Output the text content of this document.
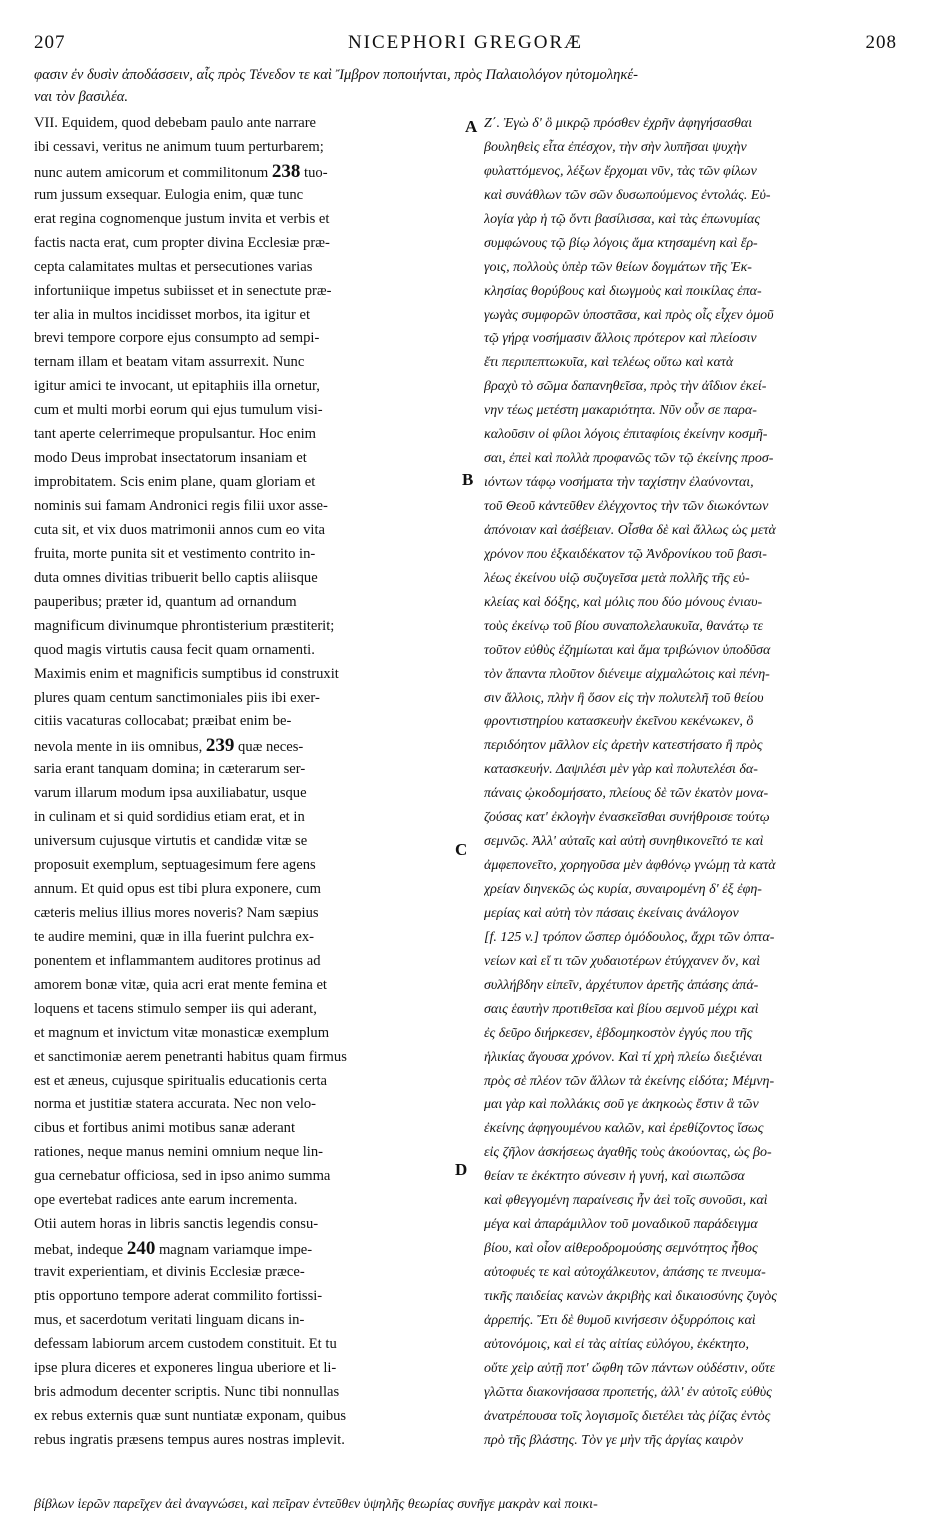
NICEPHORI GREGORÆ
207	208
φασιν ἐν δυσὶν ἀποδάσσειν, αἷς πρὸς Τένεδον τε καὶ Ἴμβρον ποποιήνται, πρὸς Παλαιολόγον ηὐτομοληκέ-
ναι τὸν βασιλέα.
VII. Equidem, quod debebam paulo ante narrare
ibi cessavi, veritus ne animum tuum perturbarem;
nunc autem amicorum et commilitonum 238 tuo-
rum jussum exsequar. Eulogia enim, quæ tunc
erat regina cognomenque justum invita et verbis et
factis nacta erat, cum propter divina Ecclesiæ præ-
cepta calamitates multas et persecutiones varias
infortuniique impetus subiisset et in senectute præ-
ter alia in multos incidisset morbos, ita igitur et
brevi tempore corpore ejus consumpto ad sempi-
ternam illam et beatam vitam assurrexit. Nunc
igitur amici te invocant, ut epitaphiis illa ornetur,
cum et multi morbi eorum qui ejus tumulum visi-
tant aperte celerrimeque propulsantur. Hoc enim
modo Deus improbat insectatorum insaniam et
improbitatem. Scis enim plane, quam gloriam et
nominis sui famam Andronici regis filii uxor asse-
cuta sit, et vix duos matrimonii annos cum eo vita
fruita, morte punita sit et vestimento contrito in-
duta omnes divitias tribuerit bello captis aliisque
pauperibus; præter id, quantum ad ornandum
magnificum divinumque phrontisterium præstiterit;
quod magis virtutis causa fecit quam ornamenti.
Maximis enim et magnificis sumptibus id construxit
plures quam centum sanctimoniales piis ibi exer-
citiis vacaturas collocabat; præibat enim be-
nevola mente in iis omnibus, 239 quæ neces-
saria erant tanquam domina; in cæterarum ser-
varum illarum modum ipsa auxiliabatur, usque
in culinam et si quid sordidius etiam erat, et in
universum cujusque virtutis et candidæ vitæ se
proposuit exemplum, septuagesimum fere agens
annum. Et quid opus est tibi plura exponere, cum
cæteris melius illius mores noveris? Nam sæpius
te audire memini, quæ in illa fuerint pulchra ex-
ponentem et inflammantem auditores protinus ad
amorem bonæ vitæ, quia acri erat mente femina et
loquens et tacens stimulo semper iis qui aderant,
et magnum et invictum vitæ monasticæ exemplum
et sanctimoniæ aerem penetranti habitus quam firmus
est et æneus, cujusque spiritualis educationis certa
norma et justitiæ statera accurata. Nec non velo-
cibus et fortibus animi motibus sanæ aderant
rationes, neque manus nemini omnium neque lin-
gua cernebatur officiosa, sed in ipso animo summa
ope evertebat radices ante earum incrementa.
Otii autem horas in libris sanctis legendis consu-
mebat, indeque 240 magnam variamque impe-
travit experientiam, et divinis Ecclesiæ præce-
ptis opportuno tempore aderat commilito fortissi-
mus, et sacerdotum veritati linguam dicans in-
defessam labiorum arcem custodem constituit. Et tu
ipse plura diceres et exponeres lingua uberiore et li-
bris admodum decenter scriptis. Nunc tibi nonnullas
ex rebus externis quæ sunt nuntiatæ exponam, quibus
rebus ingratis præsens tempus aures nostras implevit.
Ζ΄. Ἐγὼ δ' ὃ μικρῷ πρόσθεν ἐχρῆν ἀφηγήσασθαι
βουληθεὶς εἶτα ἐπέσχον, τὴν σὴν λυπῆσαι ψυχὴν
φυλαττόμενος, λέξων ἔρχομαι νῦν, τὰς τῶν φίλων
καὶ συνάθλων τῶν σῶν δυσωπούμενος ἐντολάς. Εὐ-
λογία γὰρ ἡ τῷ ὄντι βασίλισσα, καὶ τὰς ἐπωνυμίας
συμφώνους τῷ βίῳ λόγοις ἅμα κτησαμένη καὶ ἔρ-
γοις, πολλοὺς ὑπὲρ τῶν θείων δογμάτων τῆς Ἐκ-
κλησίας θορύβους καὶ διωγμοὺς καὶ ποικίλας ἐπα-
γωγὰς συμφορῶν ὑποστᾶσα, καὶ πρὸς οἷς εἶχεν ὁμοῦ
τῷ γήρᾳ νοσήμασιν ἄλλοις πρότερον καὶ πλείοσιν
ἔτι περιπεπτωκυῖα, καὶ τελέως οὕτω καὶ κατὰ
βραχὺ τὸ σῶμα δαπανηθεῖσα, πρὸς τὴν ἀΐδιον ἐκεί-
νην τέως μετέστη μακαριότητα. Νῦν οὖν σε παρα-
καλοῦσιν οἱ φίλοι λόγοις ἐπιταφίοις ἐκείνην κοσμῆ-
σαι, ἐπεὶ καὶ πολλὰ προφανῶς τῶν τῷ ἐκείνης προσ-
ιόντων τάφῳ νοσήματα τὴν ταχίστην ἐλαύνονται,
τοῦ Θεοῦ κἀντεῦθεν ἐλέγχοντος τὴν τῶν διωκόντων
ἀπόνοιαν καὶ ἀσέβειαν. Οἶσθα δὲ καὶ ἄλλως ὡς μετὰ
χρόνον που ἑξκαιδέκατον τῷ Ἀνδρονίκου τοῦ βασι-
λέως ἐκείνου υἱῷ συζυγεῖσα μετὰ πολλῆς τῆς εὐ-
κλείας καὶ δόξης, καὶ μόλις που δύο μόνους ἐνιαυ-
τοὺς ἐκείνῳ τοῦ βίου συναπολελαυκυῖα, θανάτῳ τε
τοῦτον εὐθὺς ἐζημίωται καὶ ἅμα τριβώνιον ὑποδῦσα
τὸν ἅπαντα πλοῦτον διένειμε αἰχμαλώτοις καὶ πένη-
σιν ἄλλοις, πλὴν ἢ ὅσον εἰς τὴν πολυτελῆ τοῦ θείου
φροντιστηρίου κατασκευὴν ἐκεῖνου κεκένωκεν, ὃ
περιδόητον μᾶλλον εἰς ἀρετὴν κατεστήσατο ἢ πρὸς
κατασκευήν. Δαψιλέσι μὲν γὰρ καὶ πολυτελέσι δα-
πάναις ᾠκοδομήσατο, πλείους δὲ τῶν ἑκατὸν μονα-
ζούσας κατ' ἐκλογὴν ἐνασκεῖσθαι συνήθροισε τούτῳ
σεμνῶς. Ἀλλ' αὐταῖς καὶ αὐτὴ συνηθικονεῖτό τε καὶ
ἀμφεπονεῖτο, χορηγοῦσα μὲν ἀφθόνῳ γνώμῃ τὰ κατὰ
χρείαν διηνεκῶς ὡς κυρία, συναιρομένη δ' ἐξ ἐφη-
μερίας καὶ αὐτὴ τὸν πάσαις ἐκείναις ἀνάλογον
[f. 125 v.] τρόπον ὥσπερ ὁμόδουλος, ἄχρι τῶν ὀπτα-
νείων καὶ εἴ τι τῶν χυδαιοτέρων ἐτύγχανεν ὄν, καὶ
συλλήβδην εἰπεῖν, ἀρχέτυπον ἀρετῆς ἁπάσης ἁπά-
σαις ἑαυτὴν προτιθεῖσα καὶ βίου σεμνοῦ μέχρι καὶ
ἐς δεῦρο διήρκεσεν, ἑβδομηκοστὸν ἐγγύς που τῆς
ἡλικίας ἄγουσα χρόνον. Καὶ τί χρὴ πλείω διεξιέναι
πρὸς σὲ πλέον τῶν ἄλλων τὰ ἐκείνης εἰδότα; Μέμνη-
μαι γὰρ καὶ πολλάκις σοῦ γε ἀκηκοὼς ἔστιν ἃ τῶν
ἐκείνης ἀφηγουμένου καλῶν, καὶ ἐρεθίζοντος ἴσως
εἰς ζῆλον ἀσκήσεως ἀγαθῆς τοὺς ἀκούοντας, ὡς βο-
θείαν τε ἐκέκτητο σύνεσιν ἡ γυνή, καὶ σιωπῶσα
καὶ φθεγγομένη παραίνεσις ἦν ἀεὶ τοῖς συνοῦσι, καὶ
μέγα καὶ ἀπαράμιλλον τοῦ μοναδικοῦ παράδειγμα
βίου, καὶ οἷον αἰθεροδρομούσης σεμνότητος ἦθος
αὐτοφυές τε καὶ αὐτοχάλκευτον, ἁπάσης τε πνευμα-
τικῆς παιδείας κανὼν ἀκριβὴς καὶ δικαιοσύνης ζυγὸς
ἀρρεπής. Ἔτι δὲ θυμοῦ κινήσεσιν ὀξυρρόποις καὶ
αὐτονόμοις, καὶ εἰ τὰς αἰτίας εὐλόγου, ἐκέκτητο,
οὔτε χεὶρ αὐτῇ ποτ' ὤφθη τῶν πάντων οὐδέστιν, οὔτε
γλῶττα διακονήσασα προπετής, ἀλλ' ἐν αὐτοῖς εὐθὺς
ἀνατρέπουσα τοῖς λογισμοῖς διετέλει τὰς ῥίζας ἐντὸς
πρὸ τῆς βλάστης. Τὸν γε μὴν τῆς ἀργίας καιρὸν
A
B
C
D
βίβλων ἱερῶν παρεῖχεν ἀεὶ ἀναγνώσει, καὶ πεῖραν ἐντεῦθεν ὑψηλῆς θεωρίας συνῆγε μακρὰν καὶ ποικι-
